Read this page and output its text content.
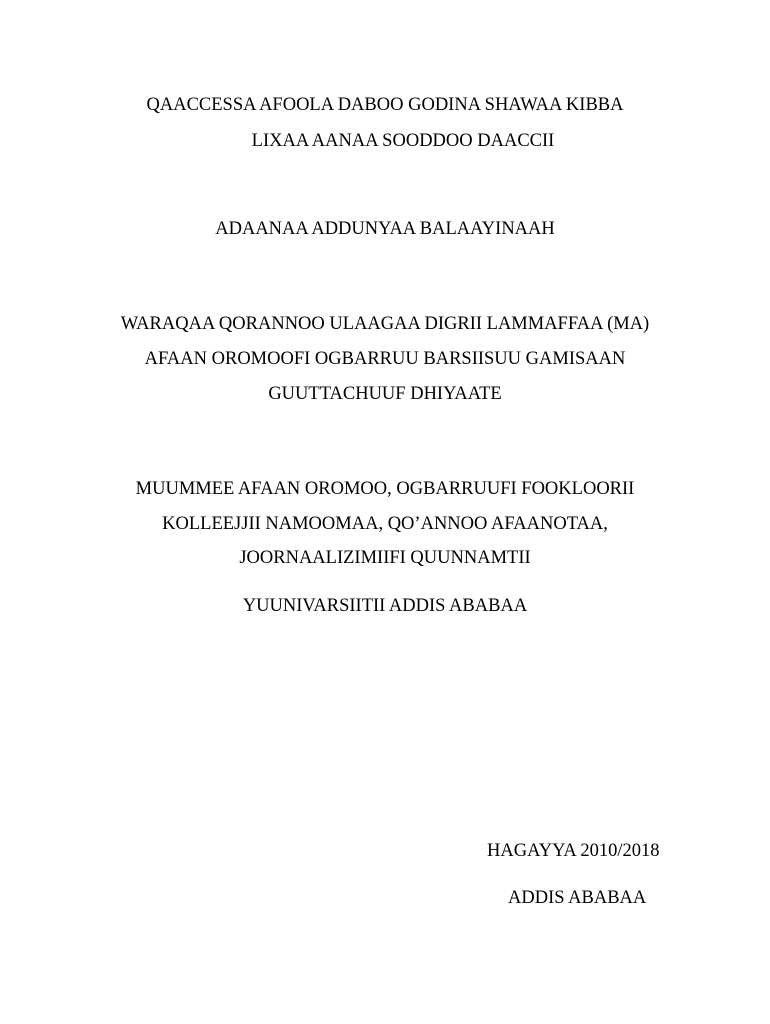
QAACCESSA AFOOLA DABOO GODINA SHAWAA KIBBA
LIXAA AANAA SOODDOO DAACCII
ADAANAA ADDUNYAA BALAAYINAAH
WARAQAA QORANNOO ULAAGAA DIGRII LAMMAFFAA (MA)
AFAAN OROMOOFI OGBARRUU BARSIISUU GAMISAAN
GUUTTACHUUF DHIYAATE
MUUMMEE AFAAN OROMOO, OGBARRUUFI FOOKLOORII
KOLLEEJJII NAMOOMAA, QO’ANNOO AFAANOTAA,
JOORNAALIZIMIIFI QUUNNAMTII
YUUNIVARSIITII ADDIS ABABAA
HAGAYYA 2010/2018
ADDIS ABABAA
